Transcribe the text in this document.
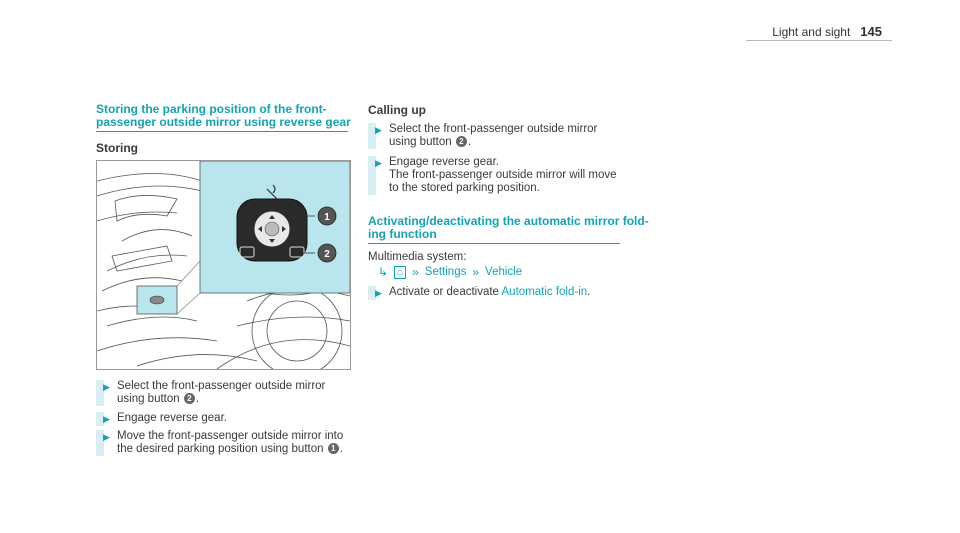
Light and sight 145
Storing the parking position of the front-
passenger outside mirror using reverse gear
Storing
1
2
▶ Select the front-passenger outside mirror
using button 2 .
▶ Engage reverse gear.
▶ Move the front-passenger outside mirror into
the desired parking position using button 1 .
Calling up
▶ Select the front-passenger outside mirror
using button 2 .
▶ Engage reverse gear.
The front-passenger outside mirror will move
to the stored parking position.
Activating/deactivating the automatic mirror fold-
ing function
Multimedia system:
↳ ⌂ » Settings » Vehicle
▶ Activate or deactivate Automatic fold-in.
